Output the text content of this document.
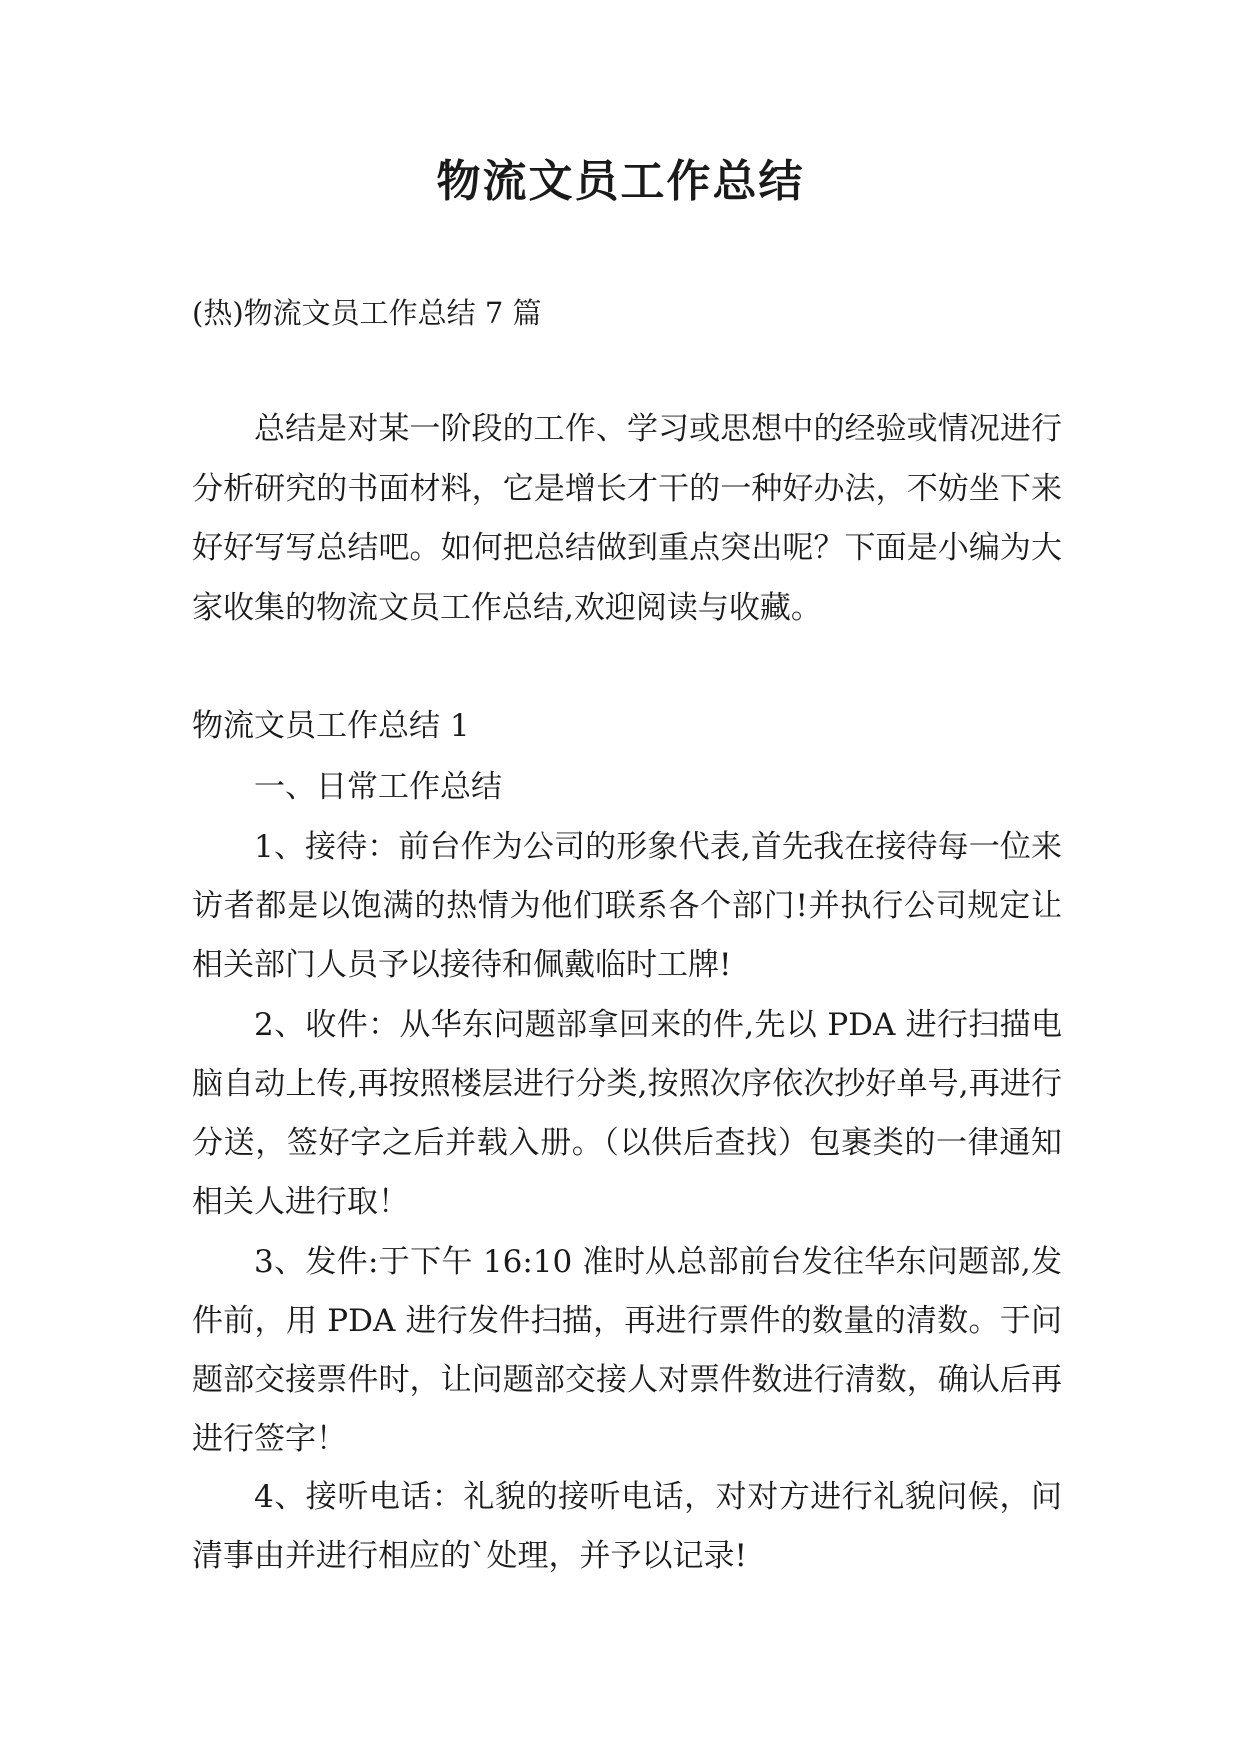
物流文员工作总结

(热)物流文员工作总结 7 篇

总结是对某一阶段的工作、学习或思想中的经验或情况进行分析研究的书面材料，它是增长才干的一种好办法，不妨坐下来好好写写总结吧。如何把总结做到重点突出呢？下面是小编为大家收集的物流文员工作总结,欢迎阅读与收藏。

物流文员工作总结 1

一、日常工作总结

1、接待：前台作为公司的形象代表,首先我在接待每一位来访者都是以饱满的热情为他们联系各个部门!并执行公司规定让相关部门人员予以接待和佩戴临时工牌!

2、收件：从华东问题部拿回来的件,先以 PDA 进行扫描电脑自动上传,再按照楼层进行分类,按照次序依次抄好单号,再进行分送，签好字之后并载入册。（以供后查找）包裹类的一律通知相关人进行取！

3、发件:于下午 16:10 准时从总部前台发往华东问题部,发件前，用 PDA 进行发件扫描，再进行票件的数量的清数。于问题部交接票件时，让问题部交接人对票件数进行清数，确认后再进行签字！

4、接听电话：礼貌的接听电话，对对方进行礼貌问候，问清事由并进行相应的`处理，并予以记录!
